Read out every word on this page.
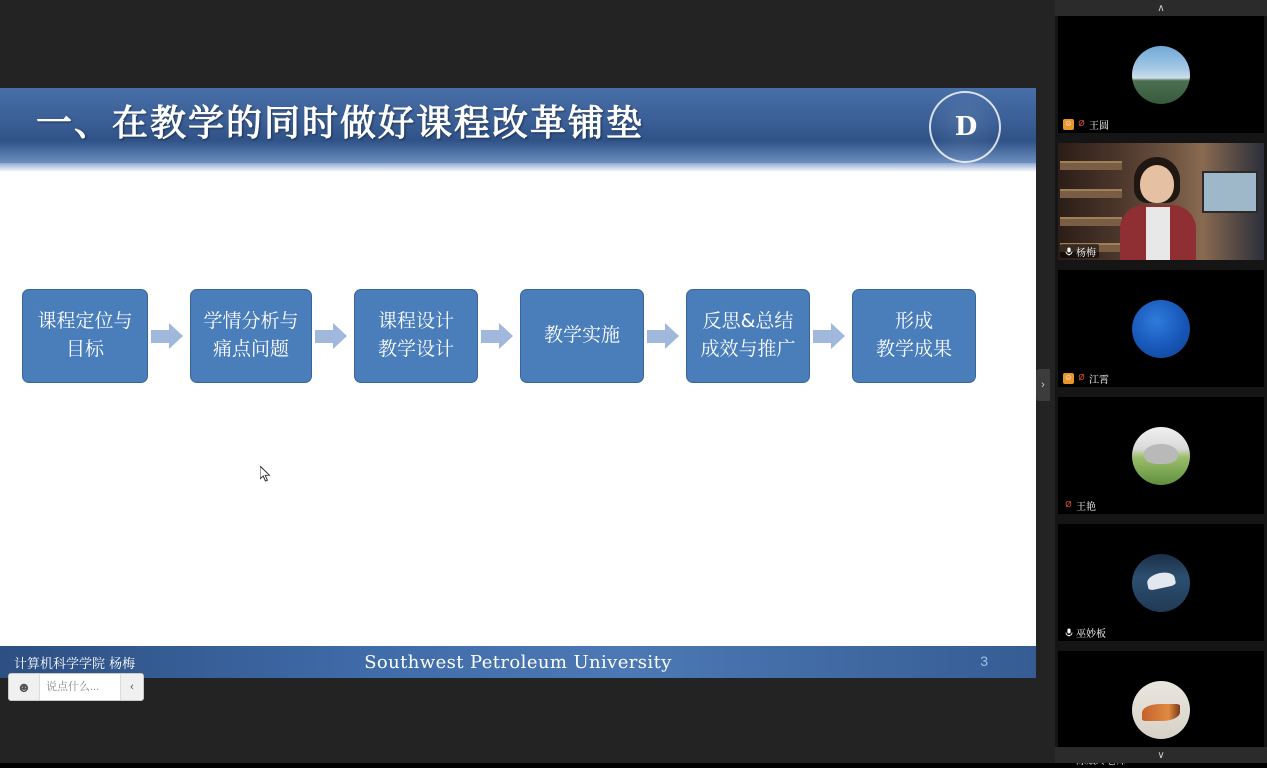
一、在教学的同时做好课程改革铺垫	D
课程定位与
目标
学情分析与
痛点问题
课程设计
教学设计
教学实施
反思&总结
成效与推广
形成
教学成果
计算机科学学院 杨梅	Southwest Petroleum University	3
☻	说点什么...	‹
›
∧
☺ Ø 王圆
杨梅
☺ Ø 江霄
Ø 王艳
巫妙板
∨
